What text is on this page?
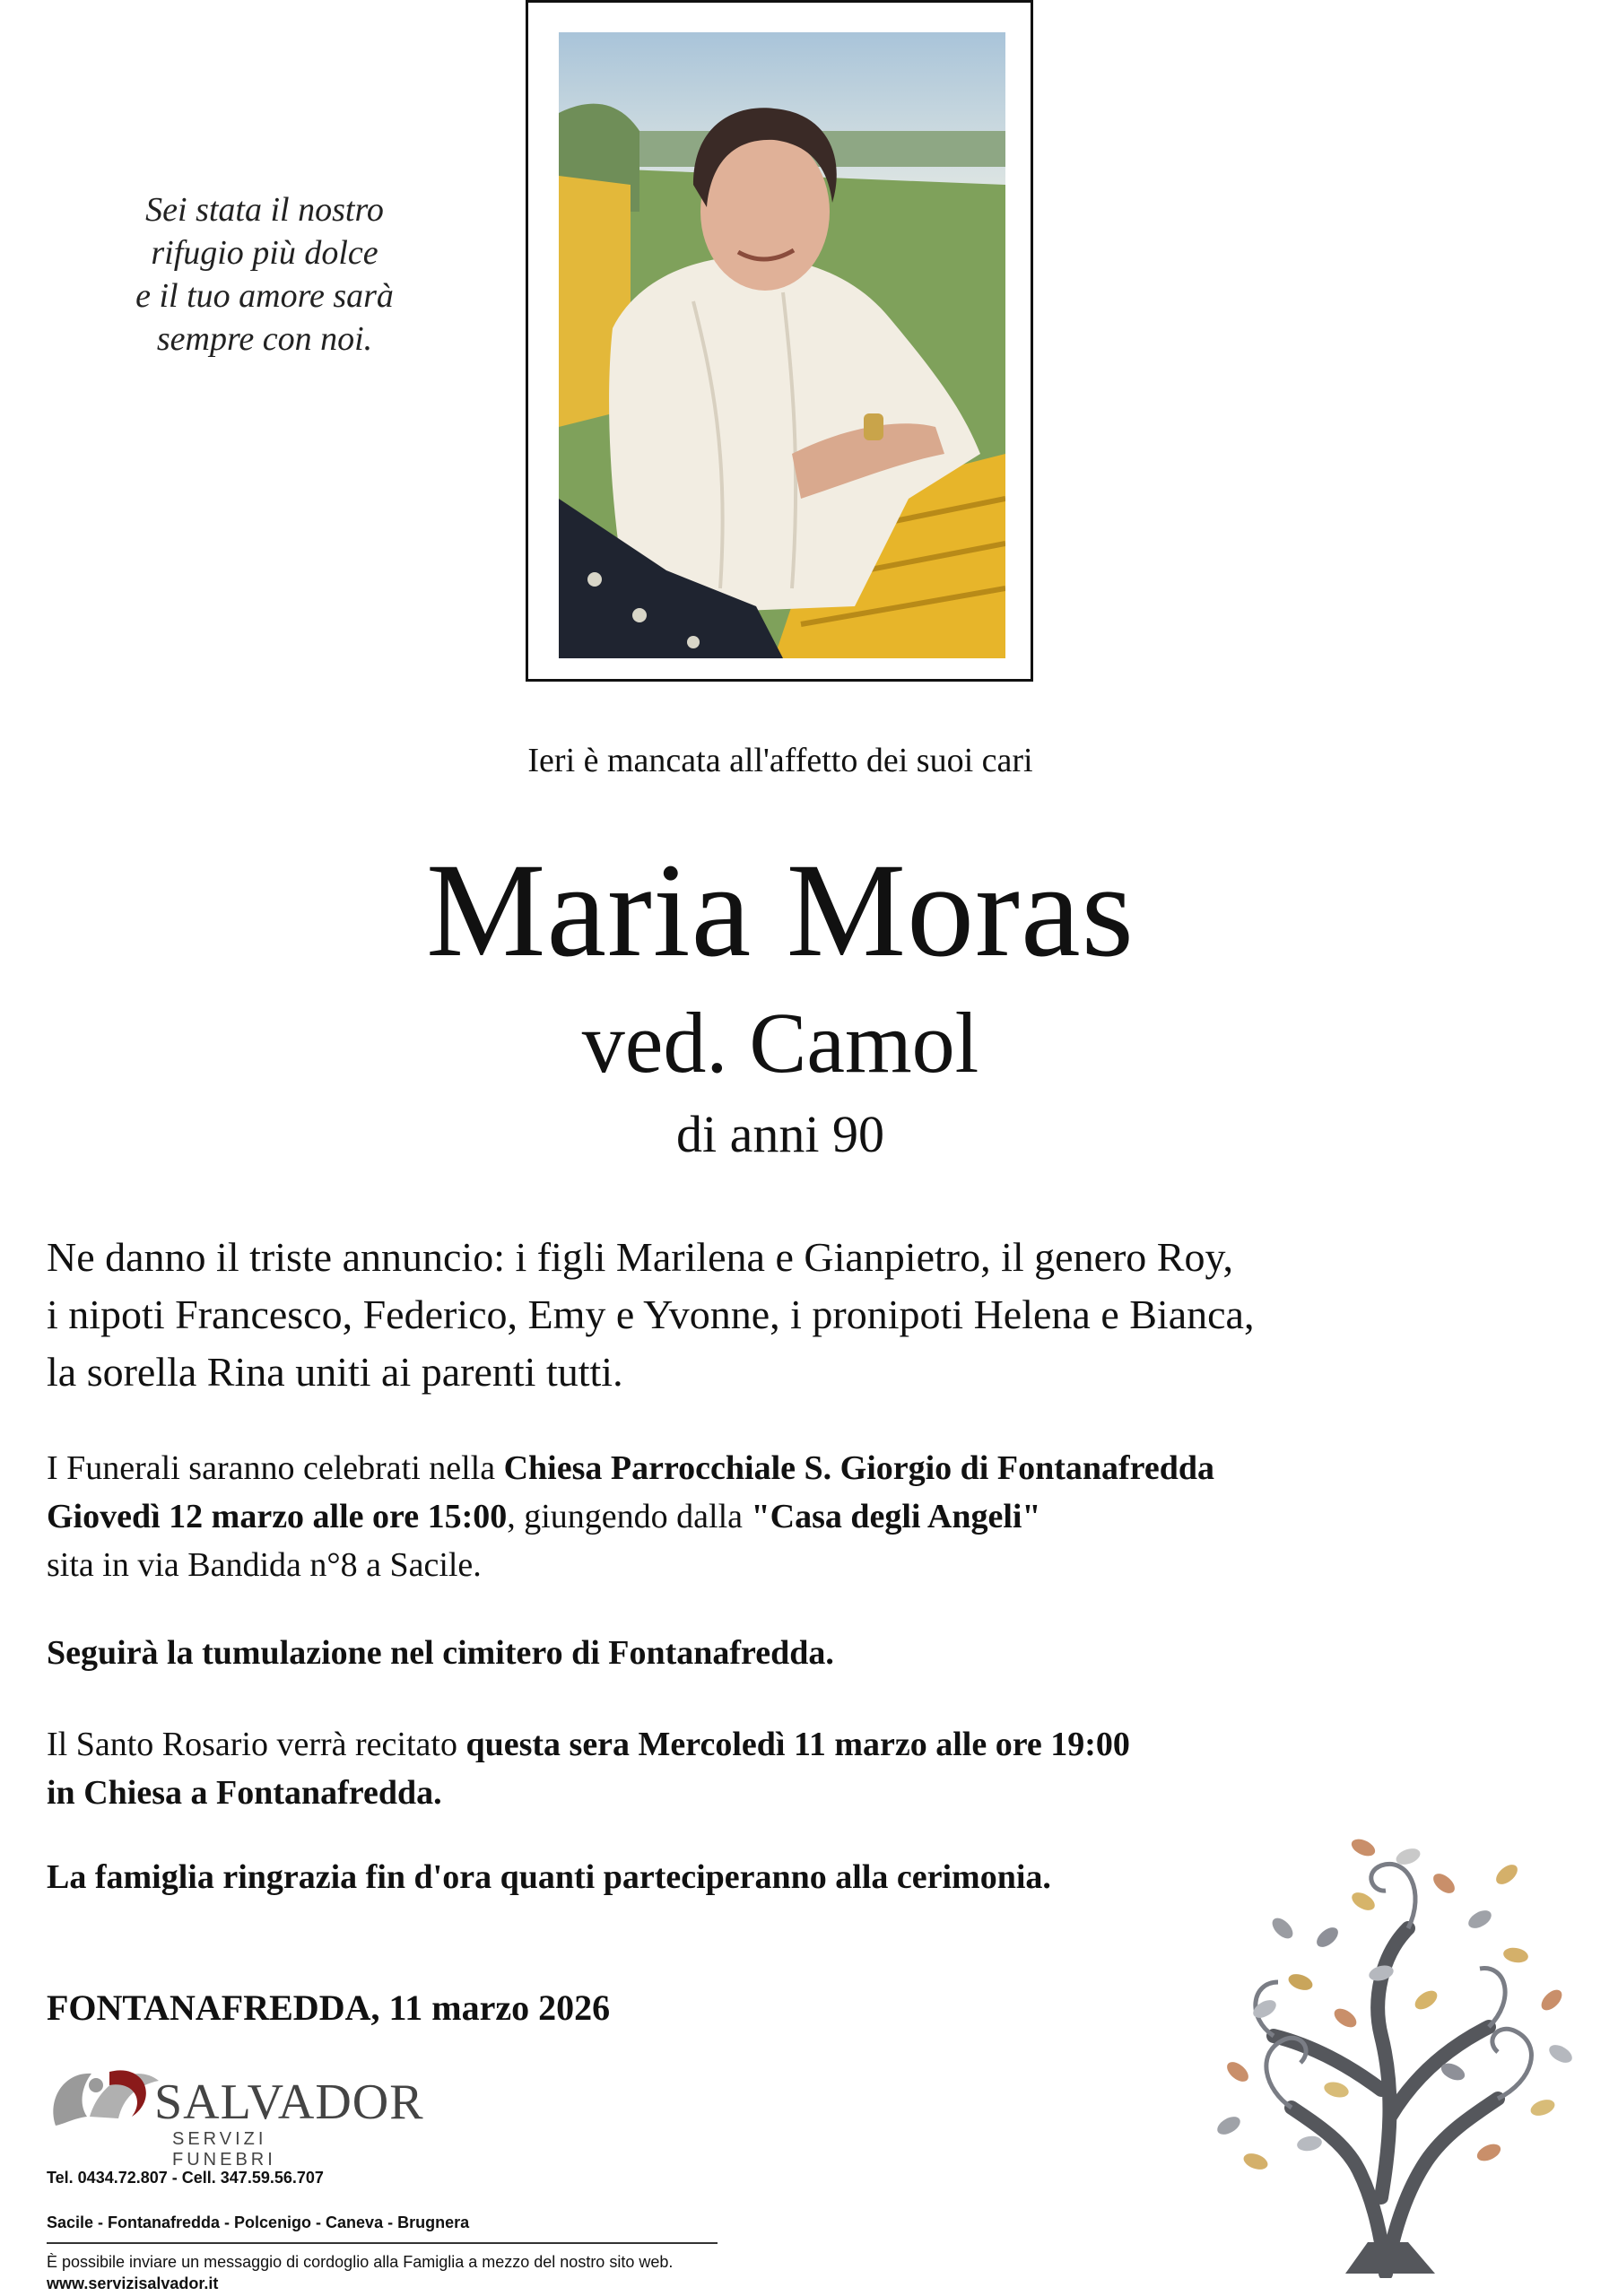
Sei stata il nostro
rifugio più dolce
e il tuo amore sarà
sempre con noi.
Ieri è mancata all'affetto dei suoi cari
Maria Moras
ved. Camol
di anni 90
Ne danno il triste annuncio: i figli Marilena e Gianpietro, il genero Roy,
i nipoti Francesco, Federico, Emy e Yvonne, i pronipoti Helena e Bianca,
la sorella Rina uniti ai parenti tutti.
I Funerali saranno celebrati nella Chiesa Parrocchiale S. Giorgio di Fontanafredda
Giovedì 12 marzo alle ore 15:00, giungendo dalla "Casa degli Angeli"
sita in via Bandida n°8 a Sacile.
Seguirà la tumulazione nel cimitero di Fontanafredda.
Il Santo Rosario verrà recitato questa sera Mercoledì 11 marzo alle ore 19:00
in Chiesa a Fontanafredda.
La famiglia ringrazia fin d'ora quanti parteciperanno alla cerimonia.
FONTANAFREDDA, 11 marzo 2026
SALVADOR
SERVIZI FUNEBRI
Tel. 0434.72.807 - Cell. 347.59.56.707
Sacile - Fontanafredda - Polcenigo - Caneva - Brugnera
È possibile inviare un messaggio di cordoglio alla Famiglia a mezzo del nostro sito web.
www.servizisalvador.it
